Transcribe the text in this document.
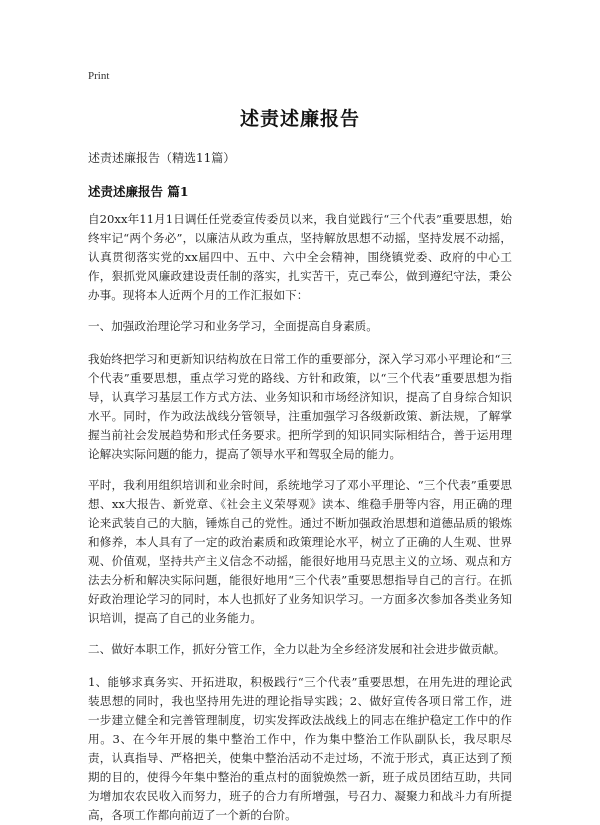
Print
述责述廉报告

述责述廉报告（精选11篇）

述责述廉报告 篇1

自20xx年11月1日调任任党委宣传委员以来，我自觉践行“三个代表”重要思想，始终牢记“两个务必”，以廉洁从政为重点，坚持解放思想不动摇，坚持发展不动摇，认真贯彻落实党的xx届四中、五中、六中全会精神，围绕镇党委、政府的中心工作，狠抓党风廉政建设责任制的落实，扎实苦干，克己奉公，做到遵纪守法，秉公办事。现将本人近两个月的工作汇报如下：

一、加强政治理论学习和业务学习，全面提高自身素质。

我始终把学习和更新知识结构放在日常工作的重要部分，深入学习邓小平理论和“三个代表”重要思想，重点学习党的路线、方针和政策，以“三个代表”重要思想为指导，认真学习基层工作方式方法、业务知识和市场经济知识，提高了自身综合知识水平。同时，作为政法战线分管领导，注重加强学习各级新政策、新法规，了解掌握当前社会发展趋势和形式任务要求。把所学到的知识同实际相结合，善于运用理论解决实际问题的能力，提高了领导水平和驾驭全局的能力。

平时，我利用组织培训和业余时间，系统地学习了邓小平理论、“三个代表”重要思想、xx大报告、新党章、《社会主义荣辱观》读本、维稳手册等内容，用正确的理论来武装自己的大脑，锤炼自己的党性。通过不断加强政治思想和道德品质的锻炼和修养，本人具有了一定的政治素质和政策理论水平，树立了正确的人生观、世界观、价值观，坚持共产主义信念不动摇，能很好地用马克思主义的立场、观点和方法去分析和解决实际问题，能很好地用“三个代表”重要思想指导自己的言行。在抓好政治理论学习的同时，本人也抓好了业务知识学习。一方面多次参加各类业务知识培训，提高了自己的业务能力。

二、做好本职工作，抓好分管工作，全力以赴为全乡经济发展和社会进步做贡献。

1、能够求真务实、开拓进取，积极践行“三个代表”重要思想，在用先进的理论武装思想的同时，我也坚持用先进的理论指导实践；2、做好宣传各项日常工作，进一步建立健全和完善管理制度，切实发挥政法战线上的同志在维护稳定工作中的作用。3、在今年开展的集中整治工作中，作为集中整治工作队副队长，我尽职尽责，认真指导、严格把关，使集中整治活动不走过场，不流于形式，真正达到了预期的目的，使得今年集中整治的重点村的面貌焕然一新，班子成员团结互助，共同为增加农农民收入而努力，班子的合力有所增强，号召力、凝聚力和战斗力有所提高，各项工作都向前迈了一个新的台阶。
